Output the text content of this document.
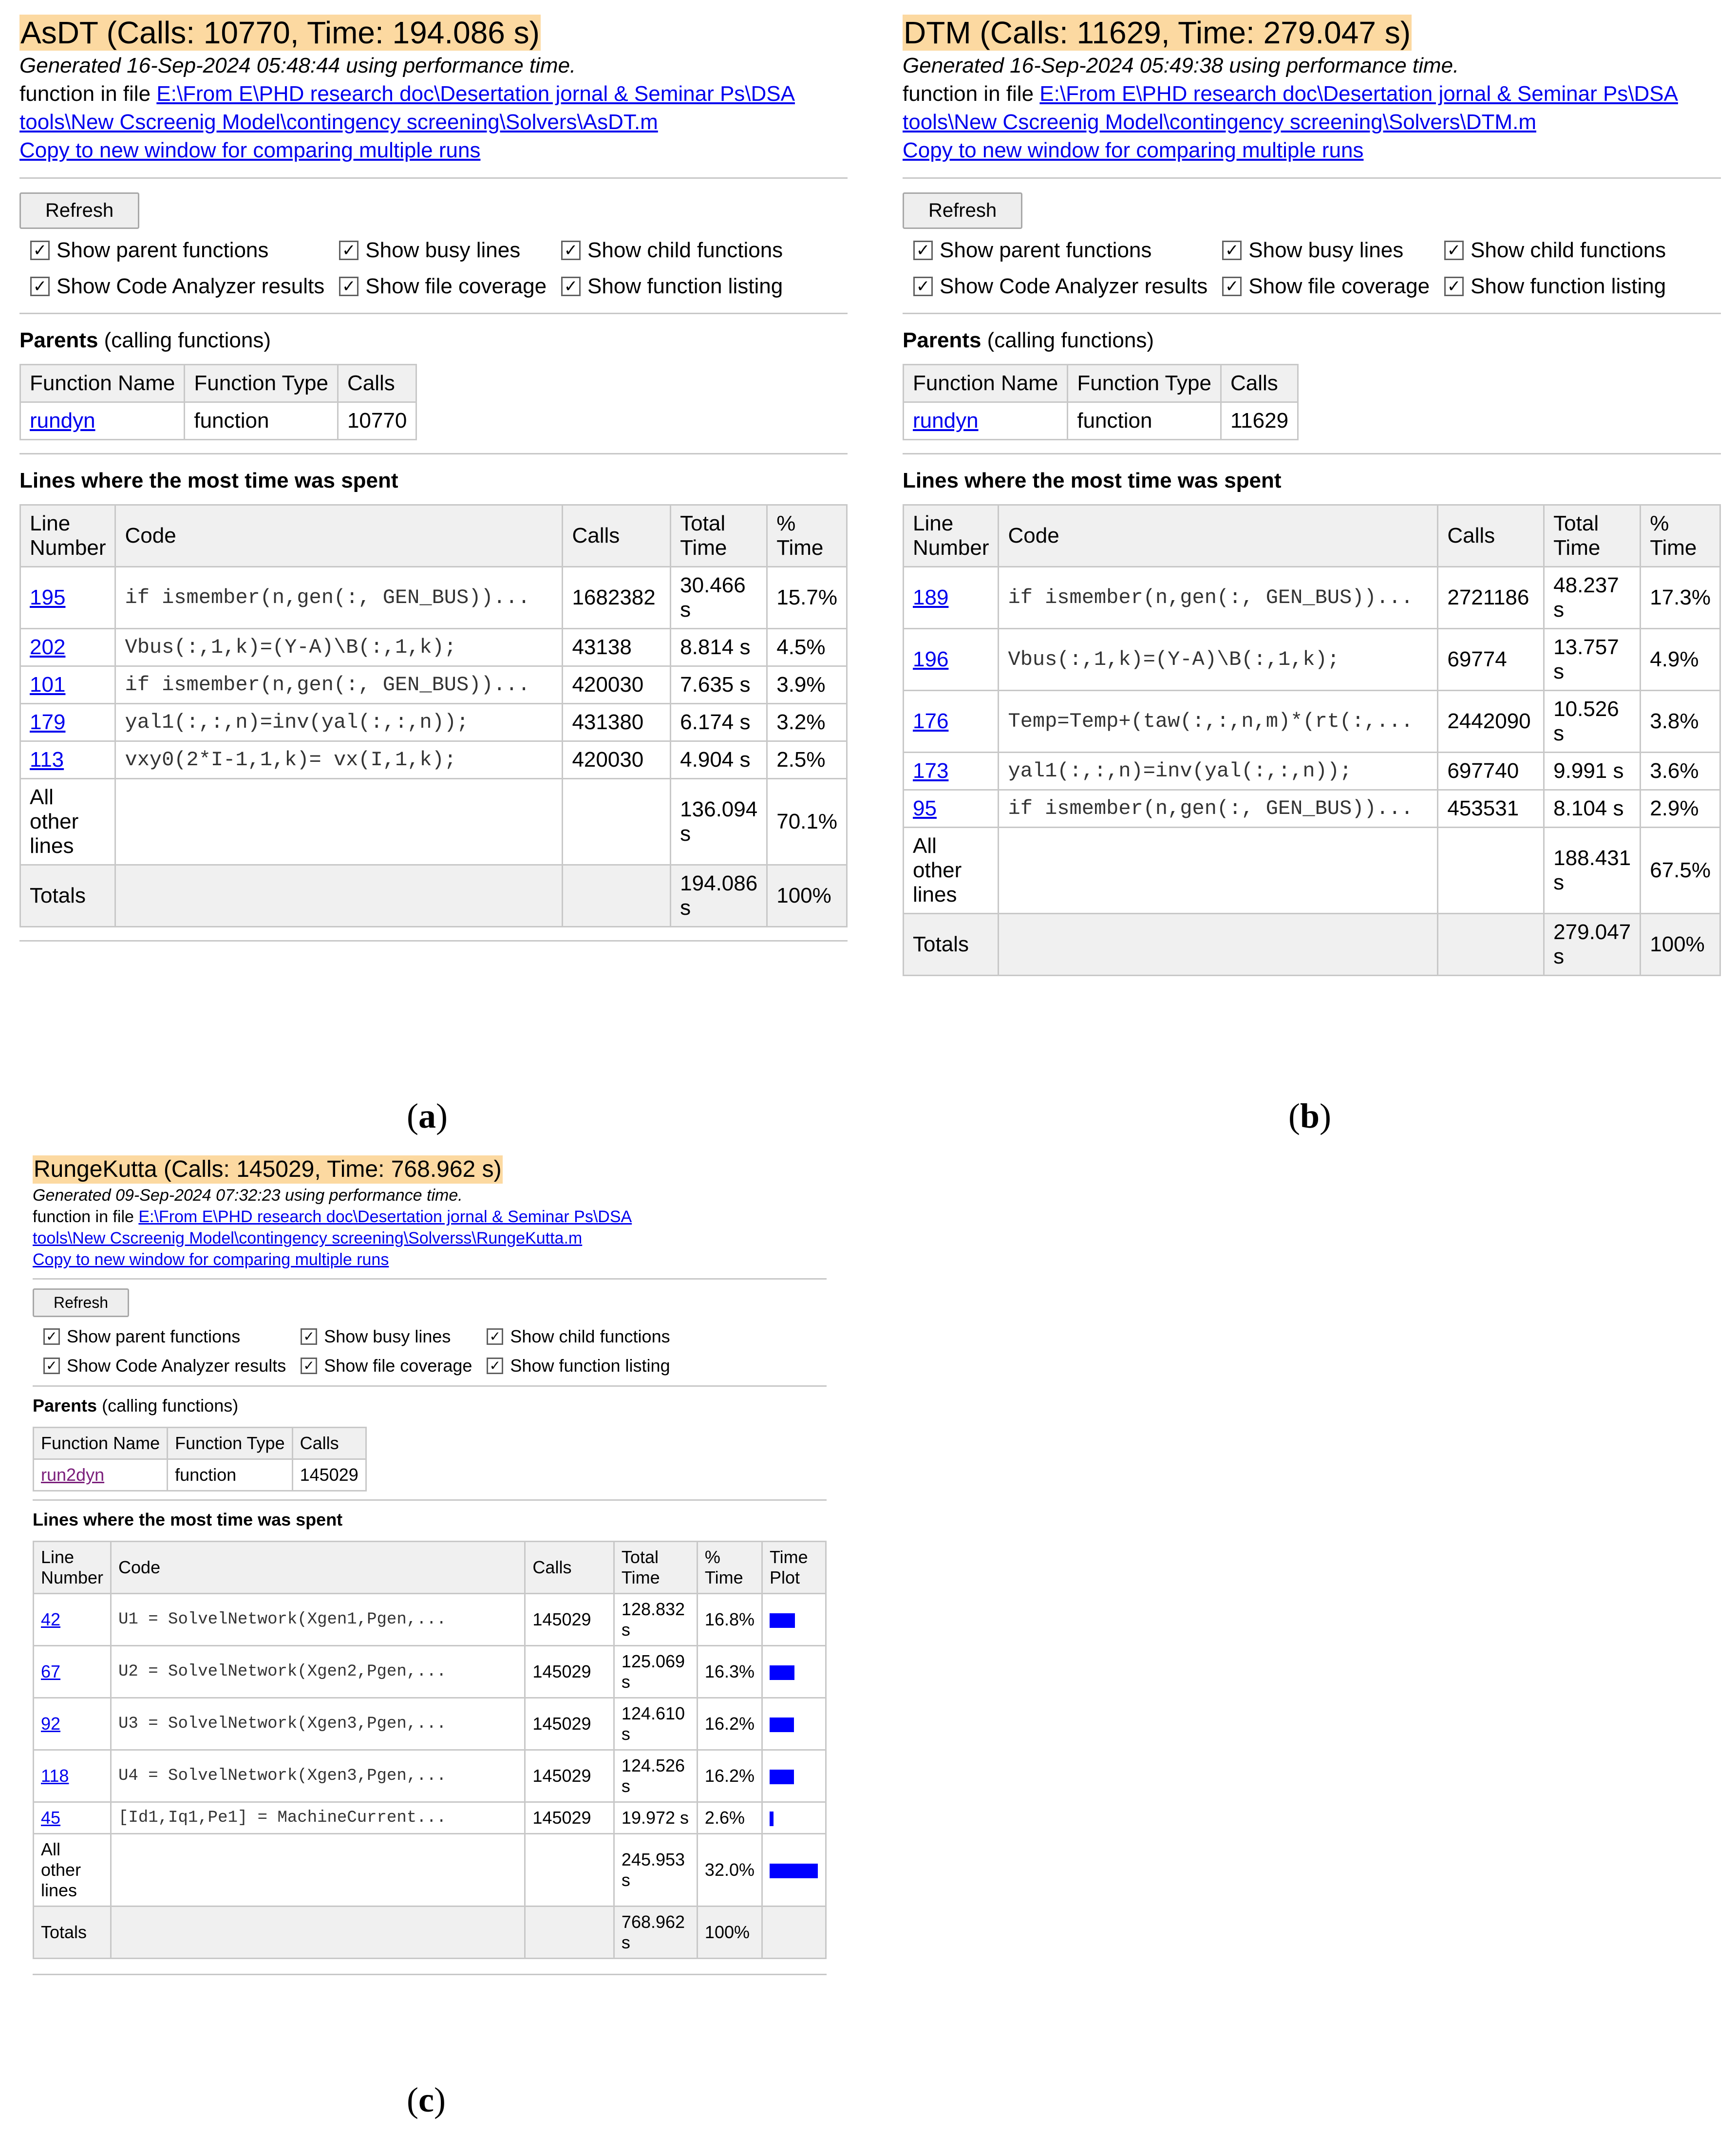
AsDT (Calls: 10770, Time: 194.086 s)
Generated 16-Sep-2024 05:48:44 using performance time.
function in file E:\From E\PHD research doc\Desertation jornal & Seminar Ps\DSA
tools\New Cscreenig Model\contingency screening\Solvers\AsDT.m
Copy to new window for comparing multiple runs
Refresh
✓ Show parent functions	✓ Show busy lines	✓ Show child functions
✓ Show Code Analyzer results ✓ Show file coverage ✓ Show function listing
Parents (calling functions)
Function Name	Function Type	Calls
rundyn	function	10770
Lines where the most time was spent
Line Number	Code	Calls	Total Time	% Time
195	if ismember(n,gen(:, GEN_BUS))...	1682382	30.466 s	15.7%
202	Vbus(:,1,k)=(Y-A)\B(:,1,k);	43138	8.814 s	4.5%
101	if ismember(n,gen(:, GEN_BUS))...	420030	7.635 s	3.9%
179	yal1(:,:,n)=inv(yal(:,:,n));	431380	6.174 s	3.2%
113	vxy0(2*I-1,1,k)= vx(I,1,k);	420030	4.904 s	2.5%
All other lines			136.094 s	70.1%
Totals			194.086 s	100%
(a)
DTM (Calls: 11629, Time: 279.047 s)
Generated 16-Sep-2024 05:49:38 using performance time.
function in file E:\From E\PHD research doc\Desertation jornal & Seminar Ps\DSA
tools\New Cscreenig Model\contingency screening\Solvers\DTM.m
Copy to new window for comparing multiple runs
Refresh
✓ Show parent functions	✓ Show busy lines	✓ Show child functions
✓ Show Code Analyzer results ✓ Show file coverage ✓ Show function listing
Parents (calling functions)
Function Name	Function Type	Calls
rundyn	function	11629
Lines where the most time was spent
Line Number	Code	Calls	Total Time	% Time
189	if ismember(n,gen(:, GEN_BUS))...	2721186	48.237 s	17.3%
196	Vbus(:,1,k)=(Y-A)\B(:,1,k);	69774	13.757 s	4.9%
176	Temp=Temp+(taw(:,:,n,m)*(rt(:,...	2442090	10.526 s	3.8%
173	yal1(:,:,n)=inv(yal(:,:,n));	697740	9.991 s	3.6%
95	if ismember(n,gen(:, GEN_BUS))...	453531	8.104 s	2.9%
All other lines			188.431 s	67.5%
Totals			279.047 s	100%
(b)
RungeKutta (Calls: 145029, Time: 768.962 s)
Generated 09-Sep-2024 07:32:23 using performance time.
function in file E:\From E\PHD research doc\Desertation jornal & Seminar Ps\DSA
tools\New Cscreenig Model\contingency screening\Solverss\RungeKutta.m
Copy to new window for comparing multiple runs
Refresh
✓ Show parent functions	✓ Show busy lines	✓ Show child functions
✓ Show Code Analyzer results ✓ Show file coverage ✓ Show function listing
Parents (calling functions)
Function Name	Function Type	Calls
run2dyn	function	145029
Lines where the most time was spent
Line Number	Code	Calls	Total Time	% Time	Time Plot
42	U1 = SolvelNetwork(Xgen1,Pgen,...	145029	128.832 s	16.8%	
67	U2 = SolvelNetwork(Xgen2,Pgen,...	145029	125.069 s	16.3%	
92	U3 = SolvelNetwork(Xgen3,Pgen,...	145029	124.610 s	16.2%	
118	U4 = SolvelNetwork(Xgen3,Pgen,...	145029	124.526 s	16.2%	
45	[Id1,Iq1,Pe1] = MachineCurrent...	145029	19.972 s	2.6%	
All other lines			245.953 s	32.0%	
Totals			768.962 s	100%	
(c)
